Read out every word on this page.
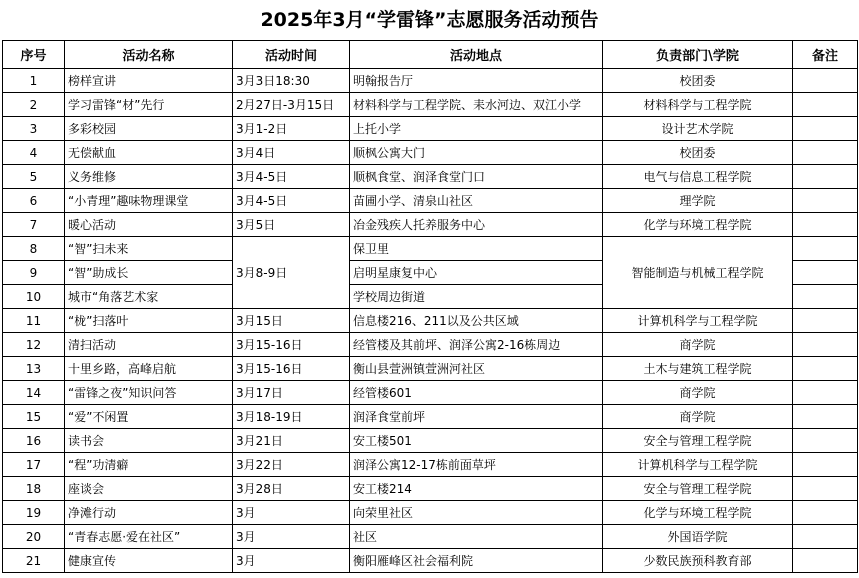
2025年3月“学雷锋”志愿服务活动预告
序号	活动名称	活动时间	活动地点	负责部门\学院	备注
1	榜样宣讲	3月3日18:30	明翰报告厅	校团委	
2	学习雷锋“材”先行	2月27日-3月15日	材料科学与工程学院、耒水河边、双江小学	材料科学与工程学院	
3	多彩校园	3月1-2日	上托小学	设计艺术学院	
4	无偿献血	3月4日	顺枫公寓大门	校团委	
5	义务维修	3月4-5日	顺枫食堂、润泽食堂门口	电气与信息工程学院	
6	“小青理”趣味物理课堂	3月4-5日	苗圃小学、清泉山社区	理学院	
7	暖心活动	3月5日	冶金残疾人托养服务中心	化学与环境工程学院	
8	“智”扫未来	3月8-9日	保卫里	智能制造与机械工程学院	
9	“智”助成长		启明星康复中心		
10	城市“角落艺术家		学校周边街道		
11	“栊”扫落叶	3月15日	信息楼216、211以及公共区域	计算机科学与工程学院	
12	清扫活动	3月15-16日	经管楼及其前坪、润泽公寓2-16栋周边	商学院	
13	十里乡路，高峰启航	3月15-16日	衡山县萱洲镇萱洲河社区	土木与建筑工程学院	
14	“雷锋之夜”知识问答	3月17日	经管楼601	商学院	
15	“爱”不闲置	3月18-19日	润泽食堂前坪	商学院	
16	读书会	3月21日	安工楼501	安全与管理工程学院	
17	“程”功清癖	3月22日	润泽公寓12-17栋前面草坪	计算机科学与工程学院	
18	座谈会	3月28日	安工楼214	安全与管理工程学院	
19	净滩行动	3月	向荣里社区	化学与环境工程学院	
20	“青春志愿·爱在社区”	3月	社区	外国语学院	
21	健康宣传	3月	衡阳雁峰区社会福利院	少数民族预科教育部	
